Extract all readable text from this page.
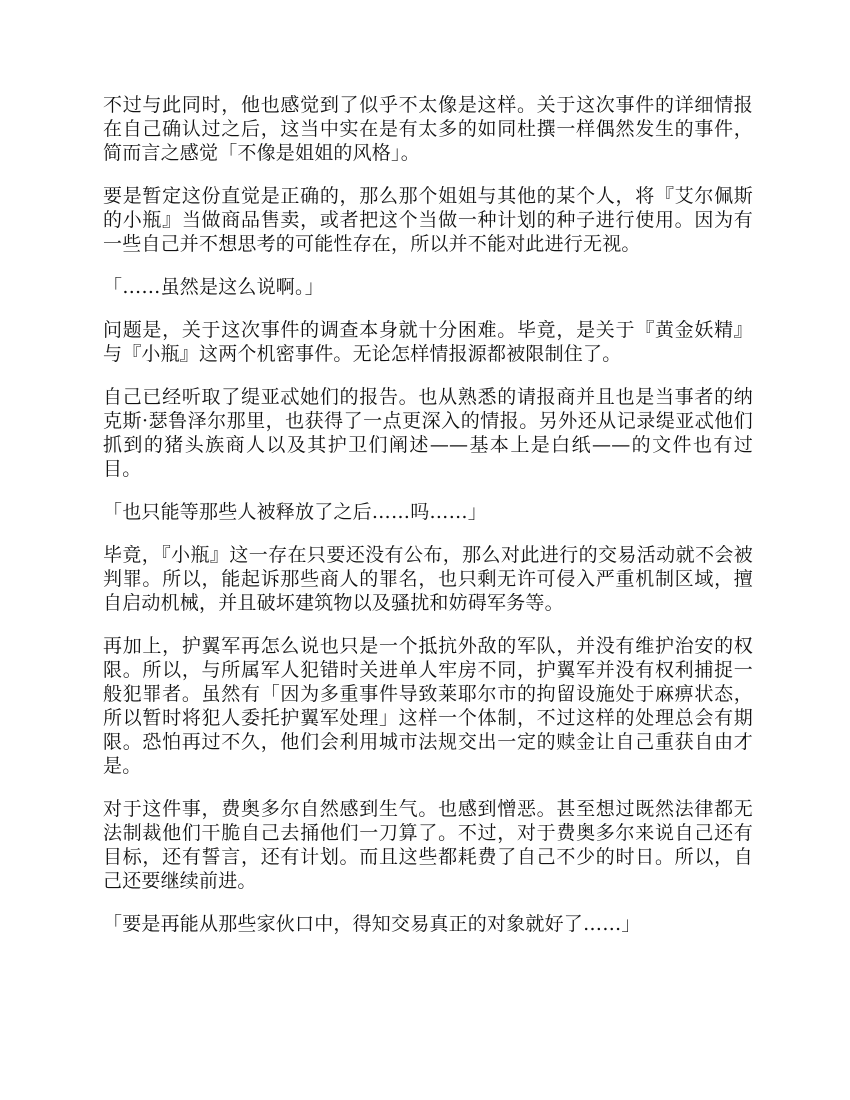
不过与此同时，他也感觉到了似乎不太像是这样。关于这次事件的详细情报在自己确认过之后，这当中实在是有太多的如同杜撰一样偶然发生的事件，简而言之感觉「不像是姐姐的风格」。

要是暂定这份直觉是正确的，那么那个姐姐与其他的某个人，将『艾尔佩斯的小瓶』当做商品售卖，或者把这个当做一种计划的种子进行使用。因为有一些自己并不想思考的可能性存在，所以并不能对此进行无视。

「……虽然是这么说啊。」

问题是，关于这次事件的调查本身就十分困难。毕竟，是关于『黄金妖精』与『小瓶』这两个机密事件。无论怎样情报源都被限制住了。

自己已经听取了缇亚忒她们的报告。也从熟悉的请报商并且也是当事者的纳克斯·瑟鲁泽尔那里，也获得了一点更深入的情报。另外还从记录缇亚忒他们抓到的猪头族商人以及其护卫们阐述——基本上是白纸——的文件也有过目。

「也只能等那些人被释放了之后……吗……」

毕竟，『小瓶』这一存在只要还没有公布，那么对此进行的交易活动就不会被判罪。所以，能起诉那些商人的罪名，也只剩无许可侵入严重机制区域，擅自启动机械，并且破坏建筑物以及骚扰和妨碍军务等。

再加上，护翼军再怎么说也只是一个抵抗外敌的军队，并没有维护治安的权限。所以，与所属军人犯错时关进单人牢房不同，护翼军并没有权利捕捉一般犯罪者。虽然有「因为多重事件导致莱耶尔市的拘留设施处于麻痹状态，所以暂时将犯人委托护翼军处理」这样一个体制，不过这样的处理总会有期限。恐怕再过不久，他们会利用城市法规交出一定的赎金让自己重获自由才是。

对于这件事，费奥多尔自然感到生气。也感到憎恶。甚至想过既然法律都无法制裁他们干脆自己去捅他们一刀算了。不过，对于费奥多尔来说自己还有目标，还有誓言，还有计划。而且这些都耗费了自己不少的时日。所以，自己还要继续前进。

「要是再能从那些家伙口中，得知交易真正的对象就好了……」
